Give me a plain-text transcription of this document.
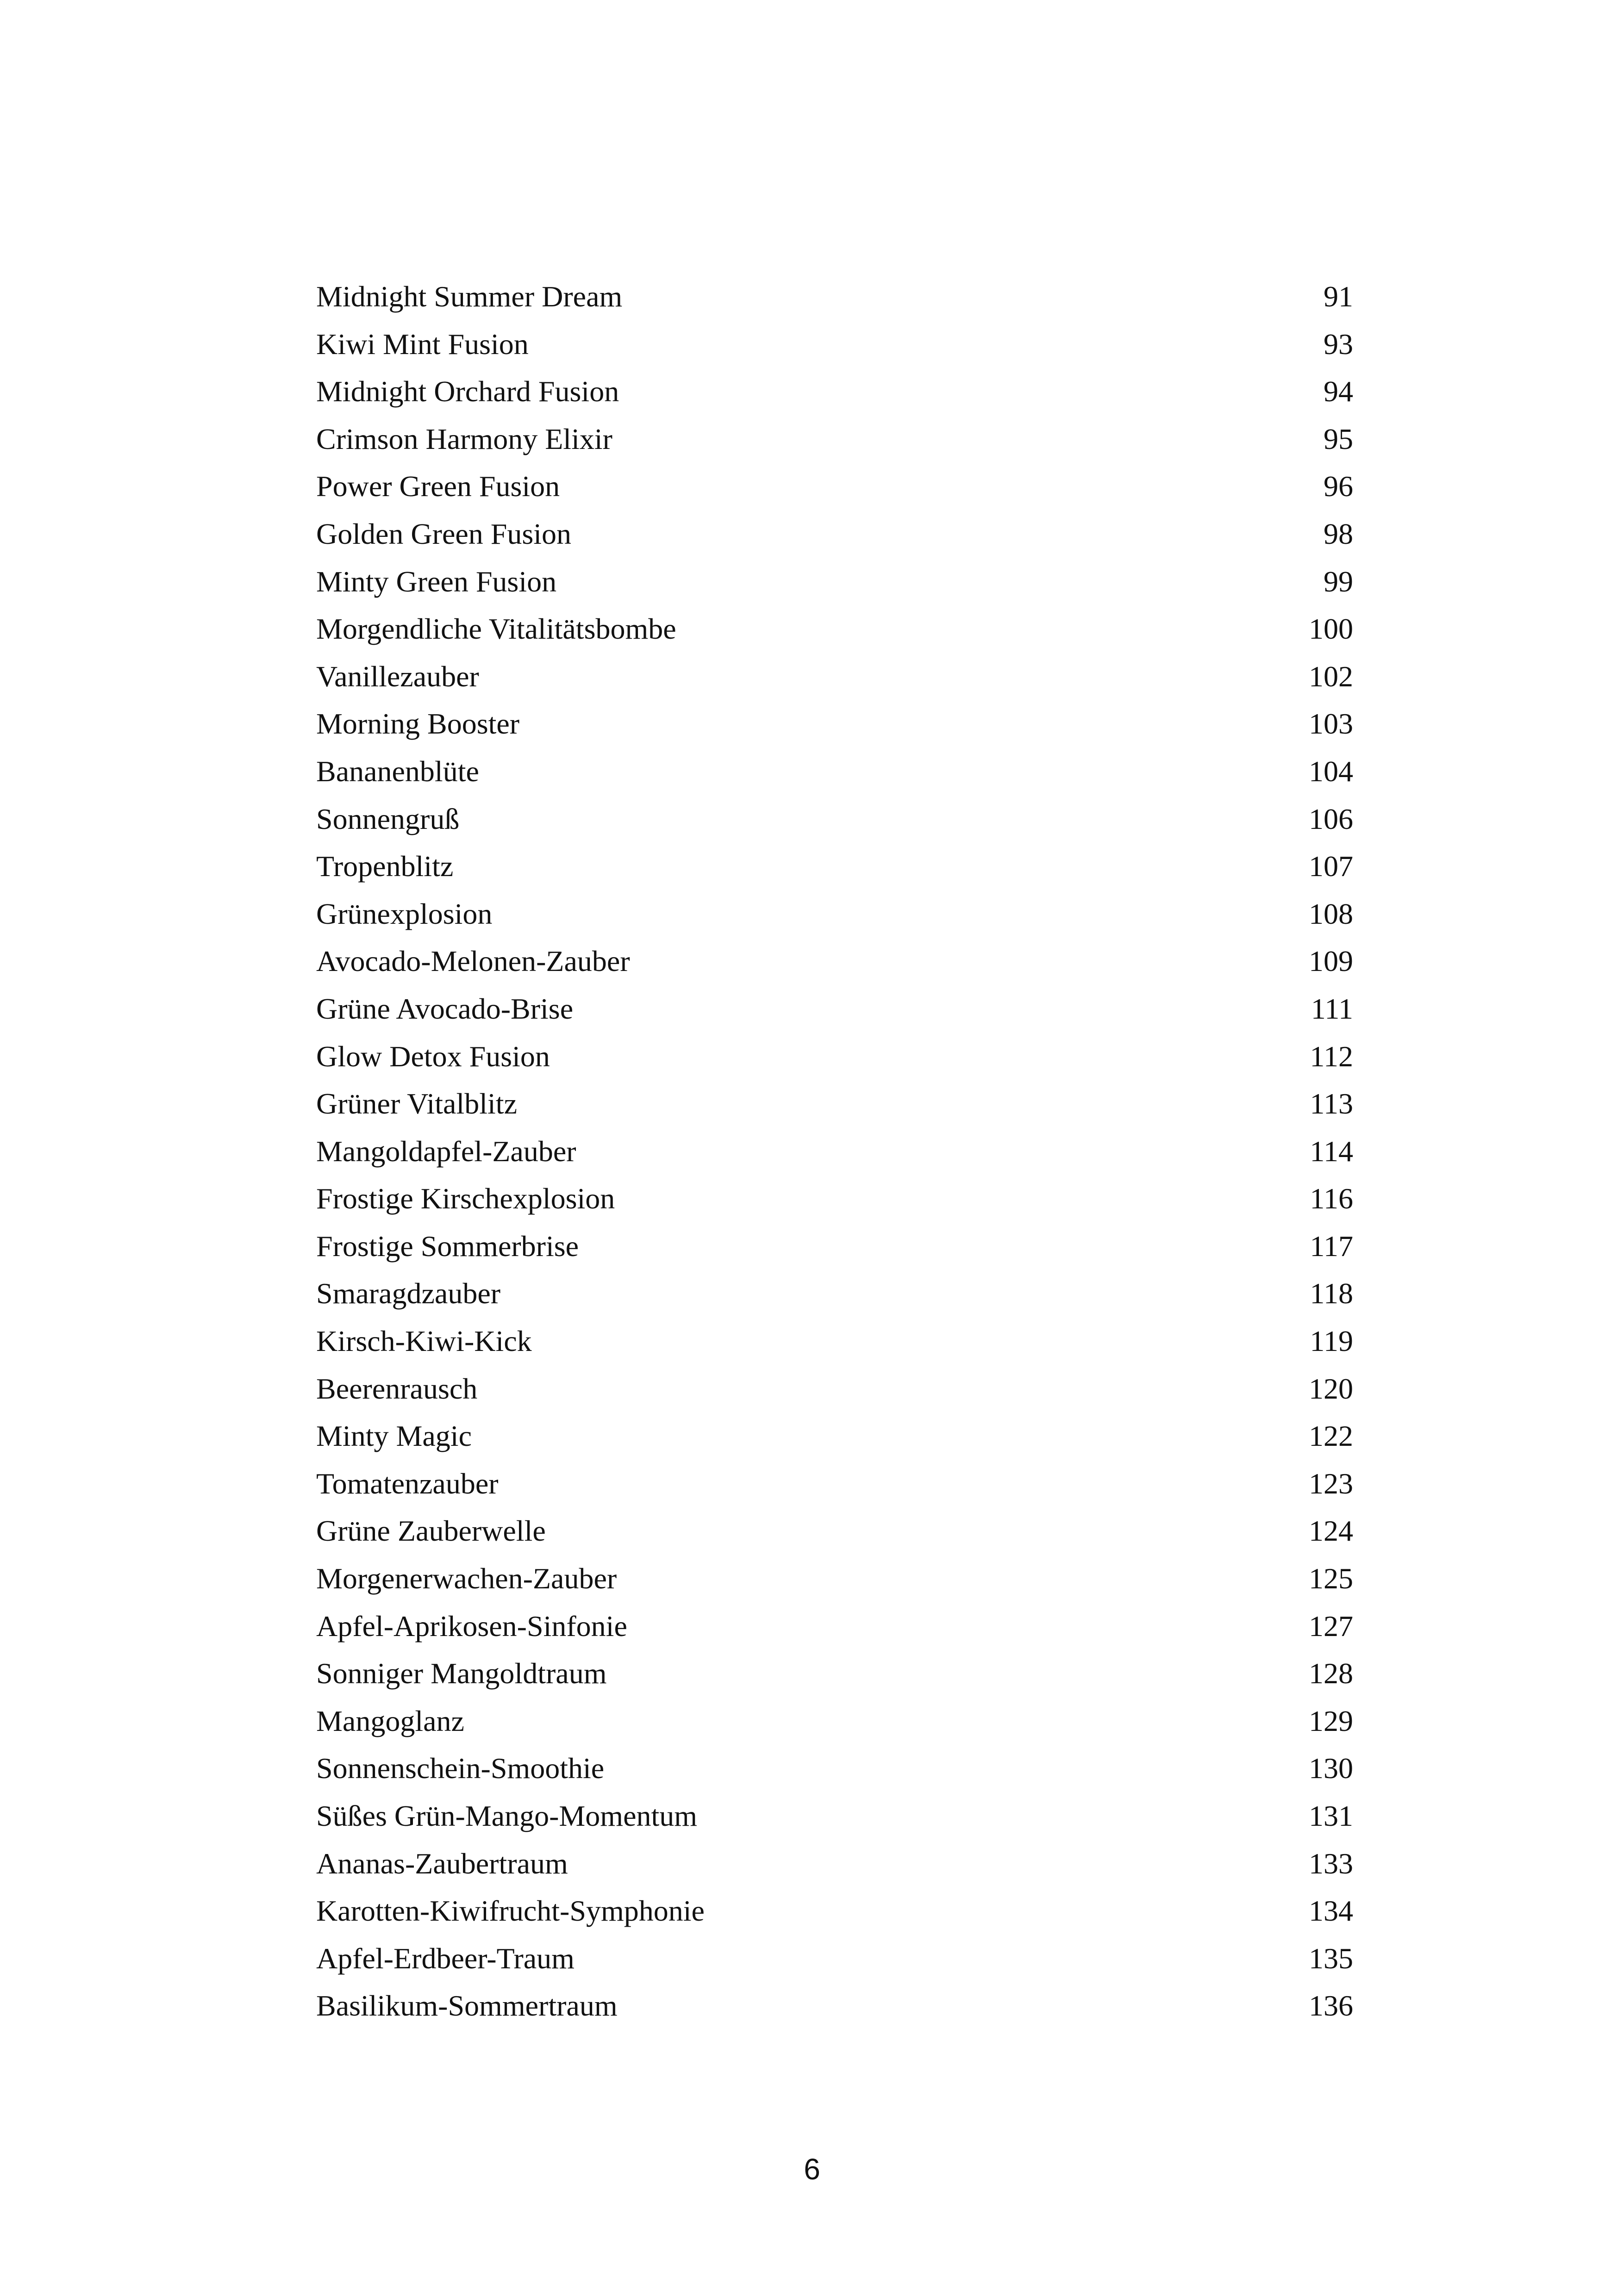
Midnight Summer Dream	91
Kiwi Mint Fusion	93
Midnight Orchard Fusion	94
Crimson Harmony Elixir	95
Power Green Fusion	96
Golden Green Fusion	98
Minty Green Fusion	99
Morgendliche Vitalitätsbombe	100
Vanillezauber	102
Morning Booster	103
Bananenblüte	104
Sonnengruß	106
Tropenblitz	107
Grünexplosion	108
Avocado-Melonen-Zauber	109
Grüne Avocado-Brise	111
Glow Detox Fusion	112
Grüner Vitalblitz	113
Mangoldapfel-Zauber	114
Frostige Kirschexplosion	116
Frostige Sommerbrise	117
Smaragdzauber	118
Kirsch-Kiwi-Kick	119
Beerenrausch	120
Minty Magic	122
Tomatenzauber	123
Grüne Zauberwelle	124
Morgenerwachen-Zauber	125
Apfel-Aprikosen-Sinfonie	127
Sonniger Mangoldtraum	128
Mangoglanz	129
Sonnenschein-Smoothie	130
Süßes Grün-Mango-Momentum	131
Ananas-Zaubertraum	133
Karotten-Kiwifrucht-Symphonie	134
Apfel-Erdbeer-Traum	135
Basilikum-Sommertraum	136
6
